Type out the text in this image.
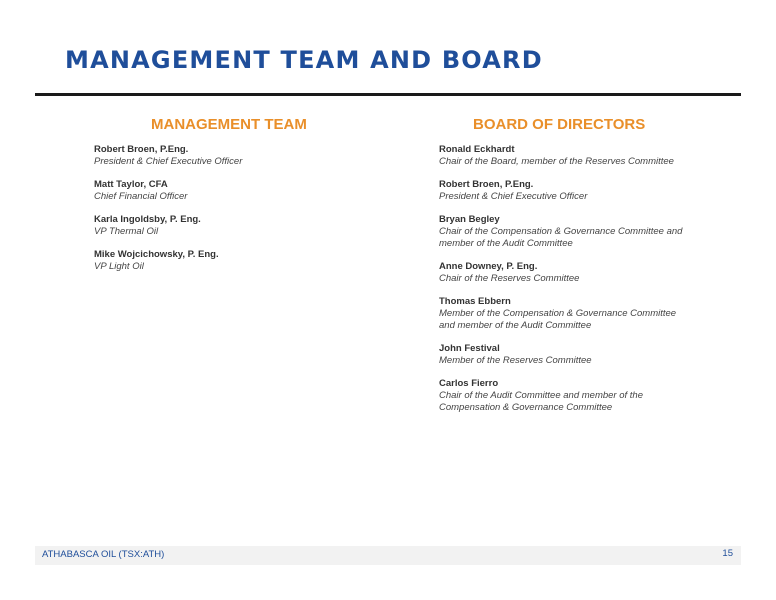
MANAGEMENT TEAM AND BOARD
MANAGEMENT TEAM
Robert Broen, P.Eng.
President & Chief Executive Officer
Matt Taylor, CFA
Chief Financial Officer
Karla Ingoldsby, P. Eng.
VP Thermal Oil
Mike Wojcichowsky, P. Eng.
VP Light Oil
BOARD OF DIRECTORS
Ronald Eckhardt
Chair of the Board, member of the Reserves Committee
Robert Broen, P.Eng.
President & Chief Executive Officer
Bryan Begley
Chair of the Compensation & Governance Committee and member of the Audit Committee
Anne Downey, P. Eng.
Chair of the Reserves Committee
Thomas Ebbern
Member of the Compensation & Governance Committee and member of the Audit Committee
John Festival
Member of the Reserves Committee
Carlos Fierro
Chair of the Audit Committee and member of the Compensation & Governance Committee
ATHABASCA OIL (TSX:ATH)	15
